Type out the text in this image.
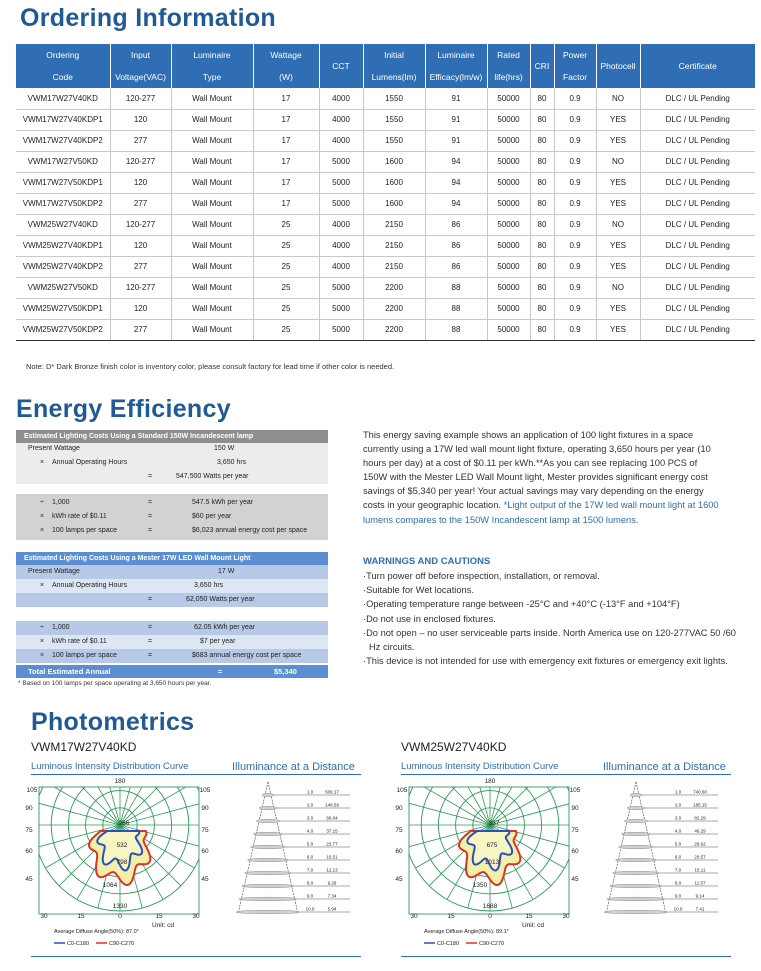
Ordering Information
Ordering	Input	Luminaire	Wattage	CCT	Initial	Luminaire	Rated	CRI	Power	Photocell	Certificate
Code	Voltage(VAC)	Type	(W)		Lumens(lm)	Efficacy(lm/w)	life(hrs)		Factor		
VWM17W27V40KD	120-277	Wall Mount	17	4000	1550	91	50000	80	0.9	NO	DLC / UL Pending
VWM17W27V40KDP1	120	Wall Mount	17	4000	1550	91	50000	80	0.9	YES	DLC / UL Pending
VWM17W27V40KDP2	277	Wall Mount	17	4000	1550	91	50000	80	0.9	YES	DLC / UL Pending
VWM17W27V50KD	120-277	Wall Mount	17	5000	1600	94	50000	80	0.9	NO	DLC / UL Pending
VWM17W27V50KDP1	120	Wall Mount	17	5000	1600	94	50000	80	0.9	YES	DLC / UL Pending
VWM17W27V50KDP2	277	Wall Mount	17	5000	1600	94	50000	80	0.9	YES	DLC / UL Pending
VWM25W27V40KD	120-277	Wall Mount	25	4000	2150	86	50000	80	0.9	NO	DLC / UL Pending
VWM25W27V40KDP1	120	Wall Mount	25	4000	2150	86	50000	80	0.9	YES	DLC / UL Pending
VWM25W27V40KDP2	277	Wall Mount	25	4000	2150	86	50000	80	0.9	YES	DLC / UL Pending
VWM25W27V50KD	120-277	Wall Mount	25	5000	2200	88	50000	80	0.9	NO	DLC / UL Pending
VWM25W27V50KDP1	120	Wall Mount	25	5000	2200	88	50000	80	0.9	YES	DLC / UL Pending
VWM25W27V50KDP2	277	Wall Mount	25	5000	2200	88	50000	80	0.9	YES	DLC / UL Pending
Note: D* Dark Bronze finish color is inventory color, please consult factory for lead time if other color is needed.
Energy Efficiency
Estimated Lighting Costs Using a Standard 150W Incandescent lamp
Present Wattage	150 W
× Annual Operating Hours	3,650 hrs
=	547,500 Watts per year
÷ 1,000	=	547.5 kWh per year
× kWh rate of $0.11	=	$60 per year
× 100 lamps per space	=	$6,023 annual energy cost per space
Estimated Lighting Costs Using a Mester 17W LED Wall Mount Light
Present Wattage	17 W
× Annual Operating Hours	3,650 hrs
=	62,050 Watts per year
÷ 1,000	=	62.05 kWh per year
× kWh rate of $0.11	=	$7 per year
× 100 lamps per space	=	$683 annual energy cost per space
Total Estimated Annual	=	$5,340
* Based on 100 lamps per space operating at 3,650 hours per year.
This energy saving example shows an application of 100 light fixtures in a space currently using a 17W led wall mount light fixture, operating 3,650 hours per year (10 hours per day) at a cost of $0.11 per kWh.**As you can see replacing 100 PCS of 150W with the Mester LED Wall Mount light, Mester provides significant energy cost savings of $5,340 per year! Your actual savings may vary depending on the energy costs in your geographic location. *Light output of the 17W led wall mount light at 1600 lumens compares to the 150W Incandescent lamp at 1500 lumens.
WARNINGS AND CAUTIONS
·Turn power off before inspection, installation, or removal.
·Suitable for Wet locations.
·Operating temperature range between -25°C and +40°C (-13°F and +104°F)
·Do not use in enclosed fixtures.
·Do not open – no user serviceable parts inside. North America use on 120-277VAC 50 /60 Hz circuits.
·This device is not intended for use with emergency exit fixtures or emergency exit lights.
Photometrics
VWM17W27V40KD	VWM25W27V40KD
Luminous Intensity Distribution Curve	Illuminance at a Distance	Luminous Intensity Distribution Curve	Illuminance at a Distance
180
105	105
90	90
75	75
60	60
45	45
30	15	0	15	30
266
532
798
1064
1330
Average Diffuse Angle(50%): 87.0°
Unit: cd
C0-C180	C90-C270
180
105	105
90	90
75	75
60	60
45	45
30	15	0	15	30
337
675
1013
1350
1688
Average Diffuse Angle(50%): 89.1°
Unit: cd
C0-C180	C90-C270
1.0	509.17
2.0	148.59
3.0	66.04
4.0	37.15
5.0	23.77
6.0	16.51
7.0	12.13
8.0	9.29
9.0	7.34
10.0	5.94
1.0	740.60
2.0	185.15
3.0	82.29
4.0	46.29
5.0	29.62
6.0	20.57
7.0	15.11
8.0	11.57
9.0	9.14
10.0	7.41
